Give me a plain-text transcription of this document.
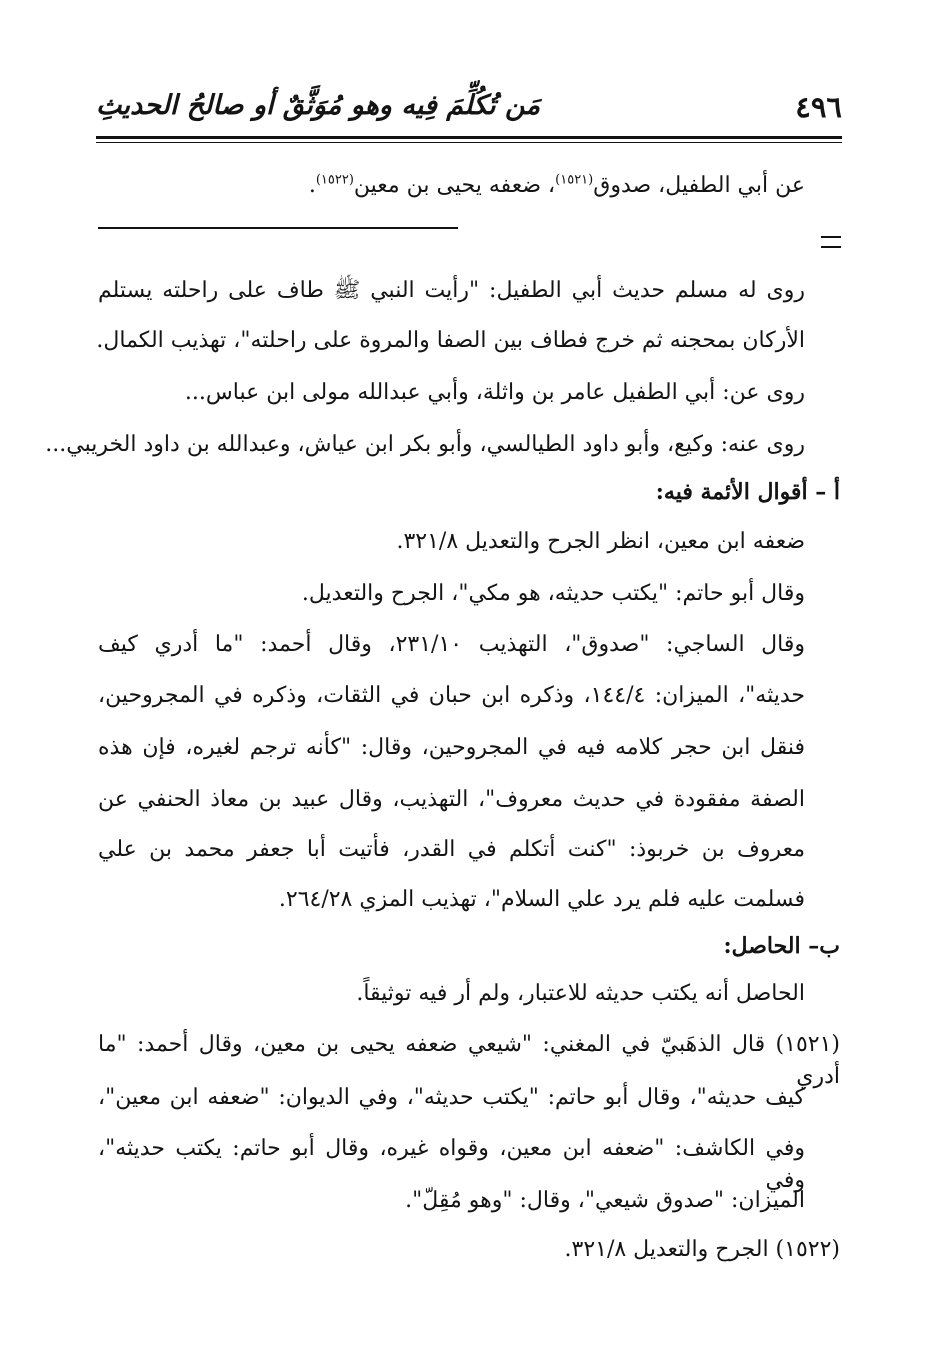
٤٩٦
مَن تُكُلِّمَ فِيه وهو مُوَثَّقٌ أو صالحُ الحديثِ
عن أبي الطفيل، صدوق$^{(١٥٢١)}$، ضعفه يحيى بن معين$^{(١٥٢٢)}$.
روى له مسلم حديث أبي الطفيل: "رأيت النبي ﷺ طاف على راحلته يستلم
الأركان بمحجنه ثم خرج فطاف بين الصفا والمروة على راحلته"، تهذيب الكمال.
روى عن: أبي الطفيل عامر بن واثلة، وأبي عبدالله مولى ابن عباس...
روى عنه: وكيع، وأبو داود الطيالسي، وأبو بكر ابن عياش، وعبدالله بن داود الخريبي...
أ – أقوال الأئمة فيه:
ضعفه ابن معين، انظر الجرح والتعديل ٣٢١/٨.
وقال أبو حاتم: "يكتب حديثه، هو مكي"، الجرح والتعديل.
وقال الساجي: "صدوق"، التهذيب ٢٣١/١٠، وقال أحمد: "ما أدري كيف
حديثه"، الميزان: ١٤٤/٤، وذكره ابن حبان في الثقات، وذكره في المجروحين،
فنقل ابن حجر كلامه فيه في المجروحين، وقال: "كأنه ترجم لغيره، فإن هذه
الصفة مفقودة في حديث معروف"، التهذيب، وقال عبيد بن معاذ الحنفي عن
معروف بن خربوذ: "كنت أتكلم في القدر، فأتيت أبا جعفر محمد بن علي
فسلمت عليه فلم يرد علي السلام"، تهذيب المزي ٢٦٤/٢٨.
ب– الحاصل:
الحاصل أنه يكتب حديثه للاعتبار، ولم أر فيه توثيقاً.
(١٥٢١) قال الذهَبيّ في المغني: "شيعي ضعفه يحيى بن معين، وقال أحمد: "ما أدري
كيف حديثه"، وقال أبو حاتم: "يكتب حديثه"، وفي الديوان: "ضعفه ابن معين"،
وفي الكاشف: "ضعفه ابن معين، وقواه غيره، وقال أبو حاتم: يكتب حديثه"، وفي
الميزان: "صدوق شيعي"، وقال: "وهو مُقِلّ".
(١٥٢٢) الجرح والتعديل ٣٢١/٨.
